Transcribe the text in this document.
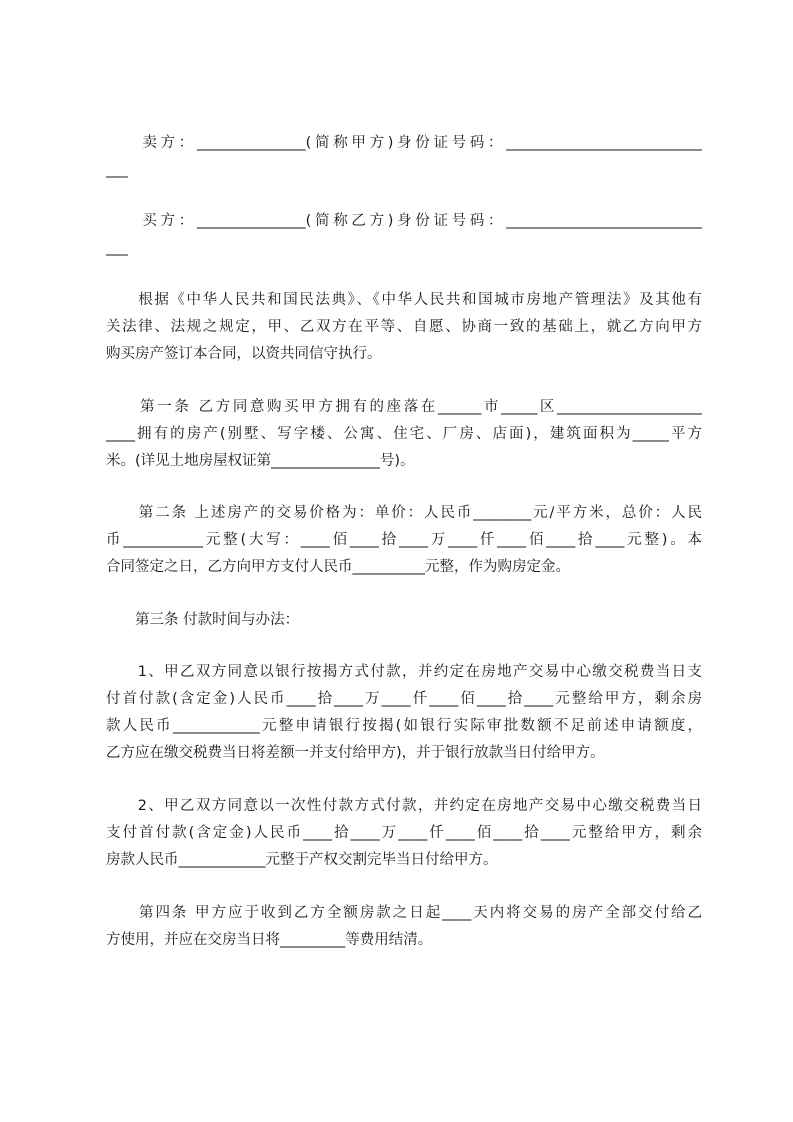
　　卖方：_______________(简称甲方)身份证号码：___________________________

___

　　买方：_______________(简称乙方)身份证号码：___________________________

___

　　根据《中华人民共和国民法典》、《中华人民共和国城市房地产管理法》及其他有

关法律、法规之规定，甲、乙双方在平等、自愿、协商一致的基础上，就乙方向甲方

购买房产签订本合同，以资共同信守执行。

　　第一条 乙方同意购买甲方拥有的座落在______市_____区____________________

____拥有的房产(别墅、写字楼、公寓、住宅、厂房、店面)，建筑面积为_____平方

米。(详见土地房屋权证第_______________号)。

　　第二条 上述房产的交易价格为：单价：人民币________元/平方米，总价：人民

币___________元整(大写：____佰____拾____万____仟____佰____拾____元整)。本

合同签定之日，乙方向甲方支付人民币__________元整，作为购房定金。

　　第三条 付款时间与办法：

　　1、甲乙双方同意以银行按揭方式付款，并约定在房地产交易中心缴交税费当日支

付首付款(含定金)人民币____拾____万____仟____佰____拾____元整给甲方，剩余房

款人民币____________元整申请银行按揭(如银行实际审批数额不足前述申请额度，

乙方应在缴交税费当日将差额一并支付给甲方)，并于银行放款当日付给甲方。

　　2、甲乙双方同意以一次性付款方式付款，并约定在房地产交易中心缴交税费当日

支付首付款(含定金)人民币____拾____万____仟____佰____拾____元整给甲方，剩余

房款人民币____________元整于产权交割完毕当日付给甲方。

　　第四条 甲方应于收到乙方全额房款之日起____天内将交易的房产全部交付给乙

方使用，并应在交房当日将_________等费用结清。
